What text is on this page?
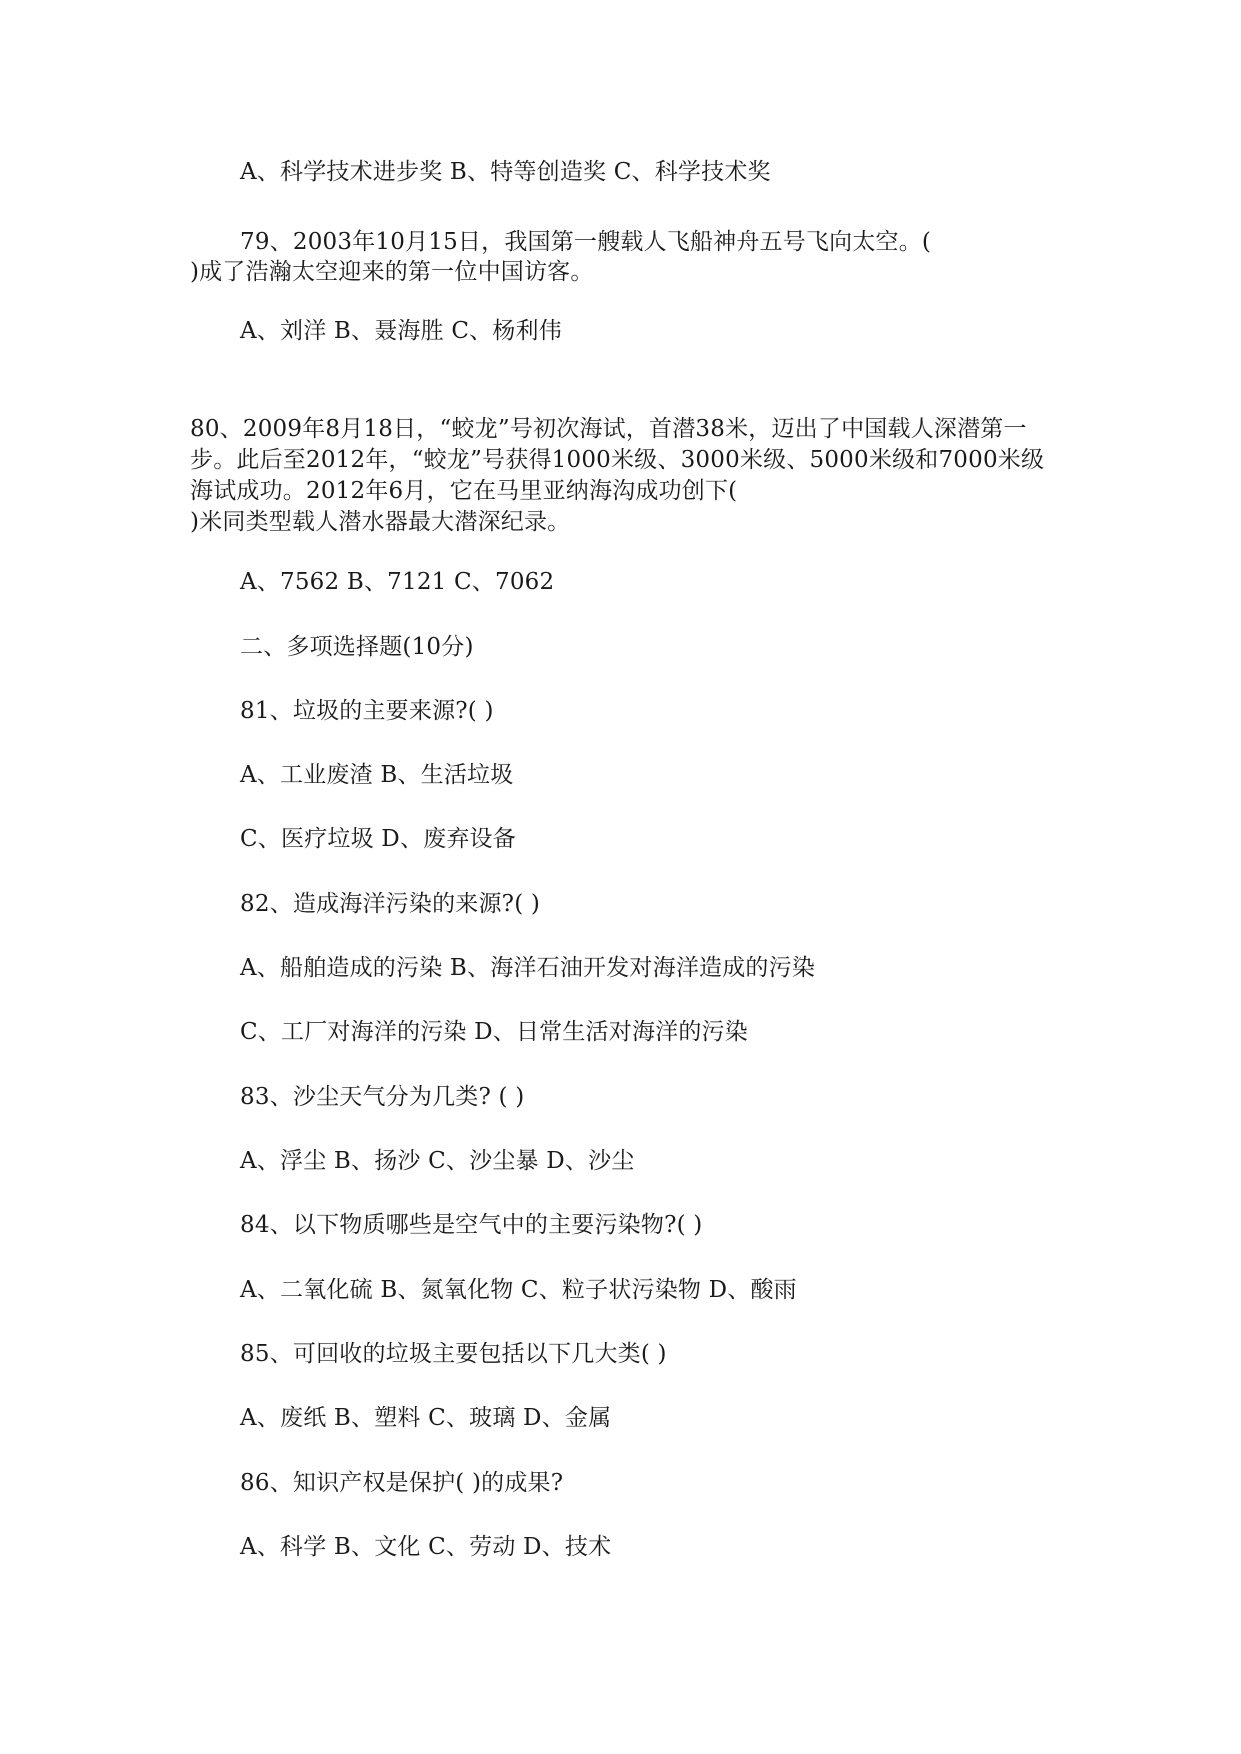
A、科学技术进步奖 B、特等创造奖 C、科学技术奖
79、2003年10月15日，我国第一艘载人飞船神舟五号飞向太空。(
)成了浩瀚太空迎来的第一位中国访客。
A、刘洋 B、聂海胜 C、杨利伟
80、2009年8月18日，“蛟龙”号初次海试，首潜38米，迈出了中国载人深潜第一
步。此后至2012年，“蛟龙”号获得1000米级、3000米级、5000米级和7000米级
海试成功。2012年6月，它在马里亚纳海沟成功创下(
)米同类型载人潜水器最大潜深纪录。
A、7562 B、7121 C、7062
二、多项选择题(10分)
81、垃圾的主要来源?( )
A、工业废渣 B、生活垃圾
C、医疗垃圾 D、废弃设备
82、造成海洋污染的来源?( )
A、船舶造成的污染 B、海洋石油开发对海洋造成的污染
C、工厂对海洋的污染 D、日常生活对海洋的污染
83、沙尘天气分为几类? ( )
A、浮尘 B、扬沙 C、沙尘暴 D、沙尘
84、以下物质哪些是空气中的主要污染物?( )
A、二氧化硫 B、氮氧化物 C、粒子状污染物 D、酸雨
85、可回收的垃圾主要包括以下几大类( )
A、废纸 B、塑料 C、玻璃 D、金属
86、知识产权是保护( )的成果?
A、科学 B、文化 C、劳动 D、技术
